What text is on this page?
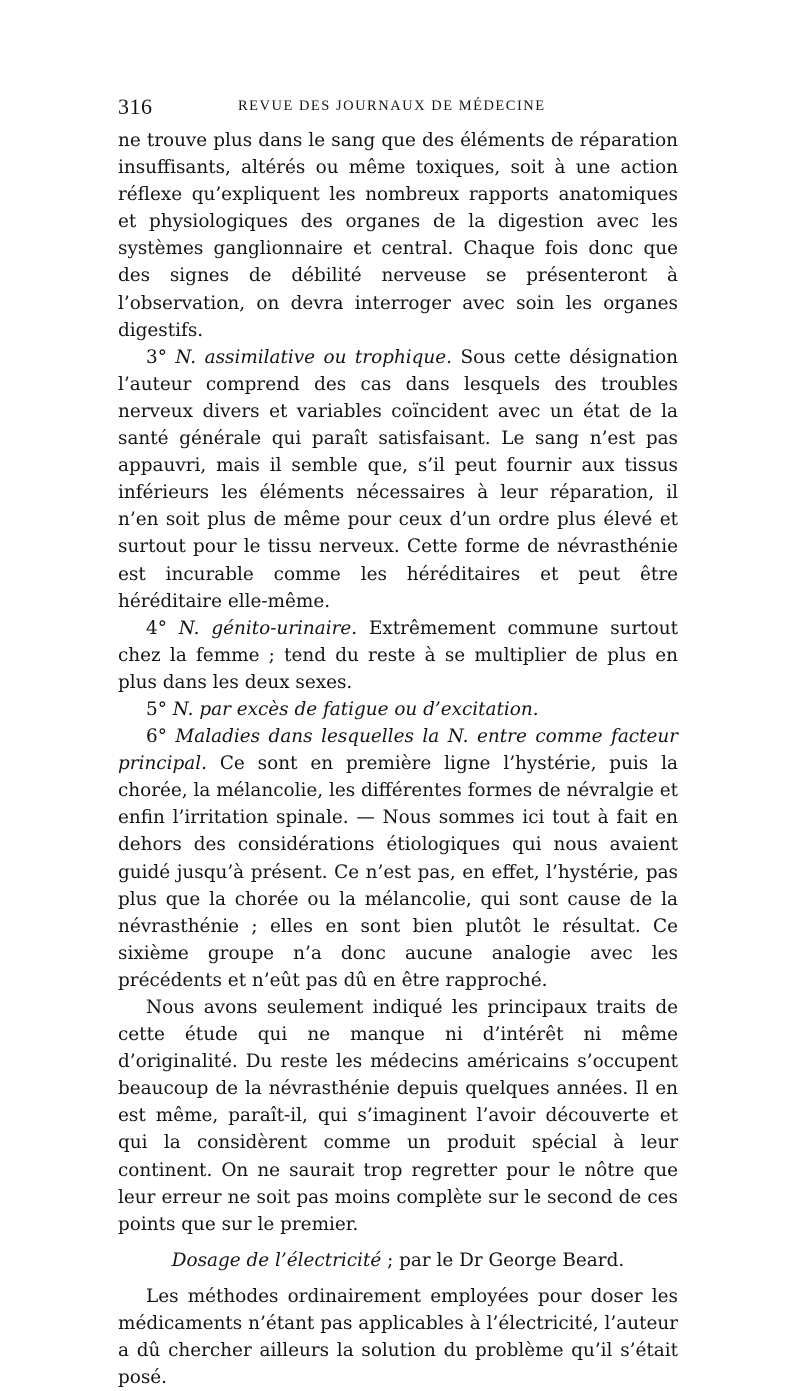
316	REVUE DES JOURNAUX DE MÉDECINE

ne trouve plus dans le sang que des éléments de réparation insuffisants, altérés ou même toxiques, soit à une action réflexe qu’expliquent les nombreux rapports anatomiques et physiologiques des organes de la digestion avec les systèmes ganglionnaire et central. Chaque fois donc que des signes de débilité nerveuse se présenteront à l’observation, on devra interroger avec soin les organes digestifs.

3° N. assimilative ou trophique. Sous cette désignation l’auteur comprend des cas dans lesquels des troubles nerveux divers et variables coïncident avec un état de la santé générale qui paraît satisfaisant. Le sang n’est pas appauvri, mais il semble que, s’il peut fournir aux tissus inférieurs les éléments nécessaires à leur réparation, il n’en soit plus de même pour ceux d’un ordre plus élevé et surtout pour le tissu nerveux. Cette forme de névrasthénie est incurable comme les héréditaires et peut être héréditaire elle-même.

4° N. génito-urinaire. Extrêmement commune surtout chez la femme ; tend du reste à se multiplier de plus en plus dans les deux sexes.

5° N. par excès de fatigue ou d’excitation.

6° Maladies dans lesquelles la N. entre comme facteur principal. Ce sont en première ligne l’hystérie, puis la chorée, la mélancolie, les différentes formes de névralgie et enfin l’irritation spinale. — Nous sommes ici tout à fait en dehors des considérations étiologiques qui nous avaient guidé jusqu’à présent. Ce n’est pas, en effet, l’hystérie, pas plus que la chorée ou la mélancolie, qui sont cause de la névrasthénie ; elles en sont bien plutôt le résultat. Ce sixième groupe n’a donc aucune analogie avec les précédents et n’eût pas dû en être rapproché.

Nous avons seulement indiqué les principaux traits de cette étude qui ne manque ni d’intérêt ni même d’originalité. Du reste les médecins américains s’occupent beaucoup de la névrasthénie depuis quelques années. Il en est même, paraît-il, qui s’imaginent l’avoir découverte et qui la considèrent comme un produit spécial à leur continent. On ne saurait trop regretter pour le nôtre que leur erreur ne soit pas moins complète sur le second de ces points que sur le premier.

Dosage de l’électricité ; par le Dr George Beard.

Les méthodes ordinairement employées pour doser les médicaments n’étant pas applicables à l’électricité, l’auteur a dû chercher ailleurs la solution du problème qu’il s’était posé.
